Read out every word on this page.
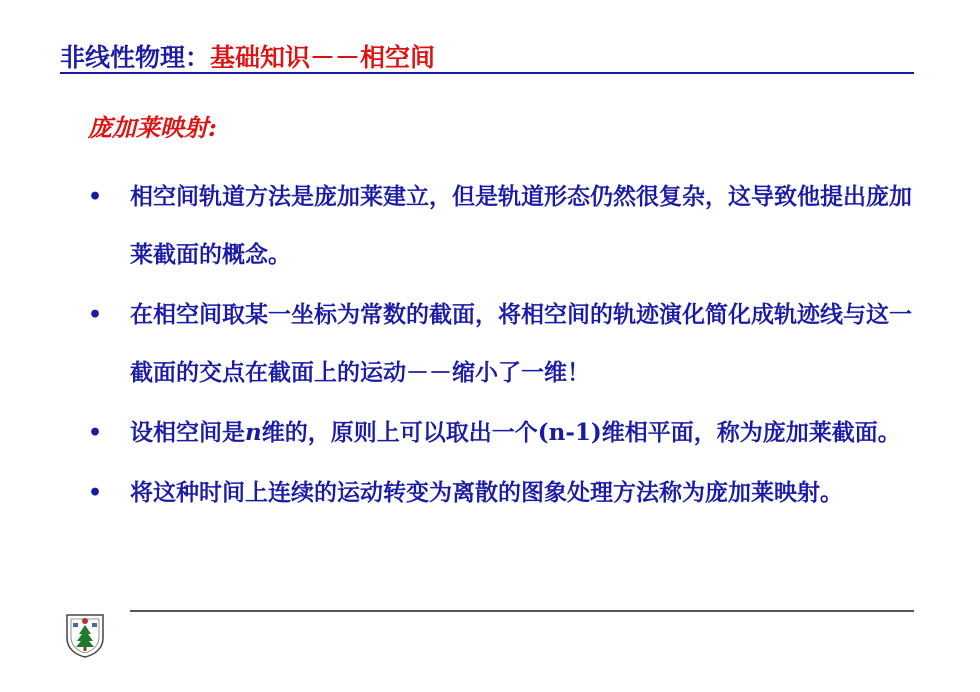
非线性物理：基础知识－－相空间
庞加莱映射:
• 相空间轨道方法是庞加莱建立，但是轨道形态仍然很复杂，这导致他提出庞加莱截面的概念。
• 在相空间取某一坐标为常数的截面，将相空间的轨迹演化简化成轨迹线与这一截面的交点在截面上的运动－－缩小了一维！
• 设相空间是n维的，原则上可以取出一个(n-1)维相平面，称为庞加莱截面。
• 将这种时间上连续的运动转变为离散的图象处理方法称为庞加莱映射。
